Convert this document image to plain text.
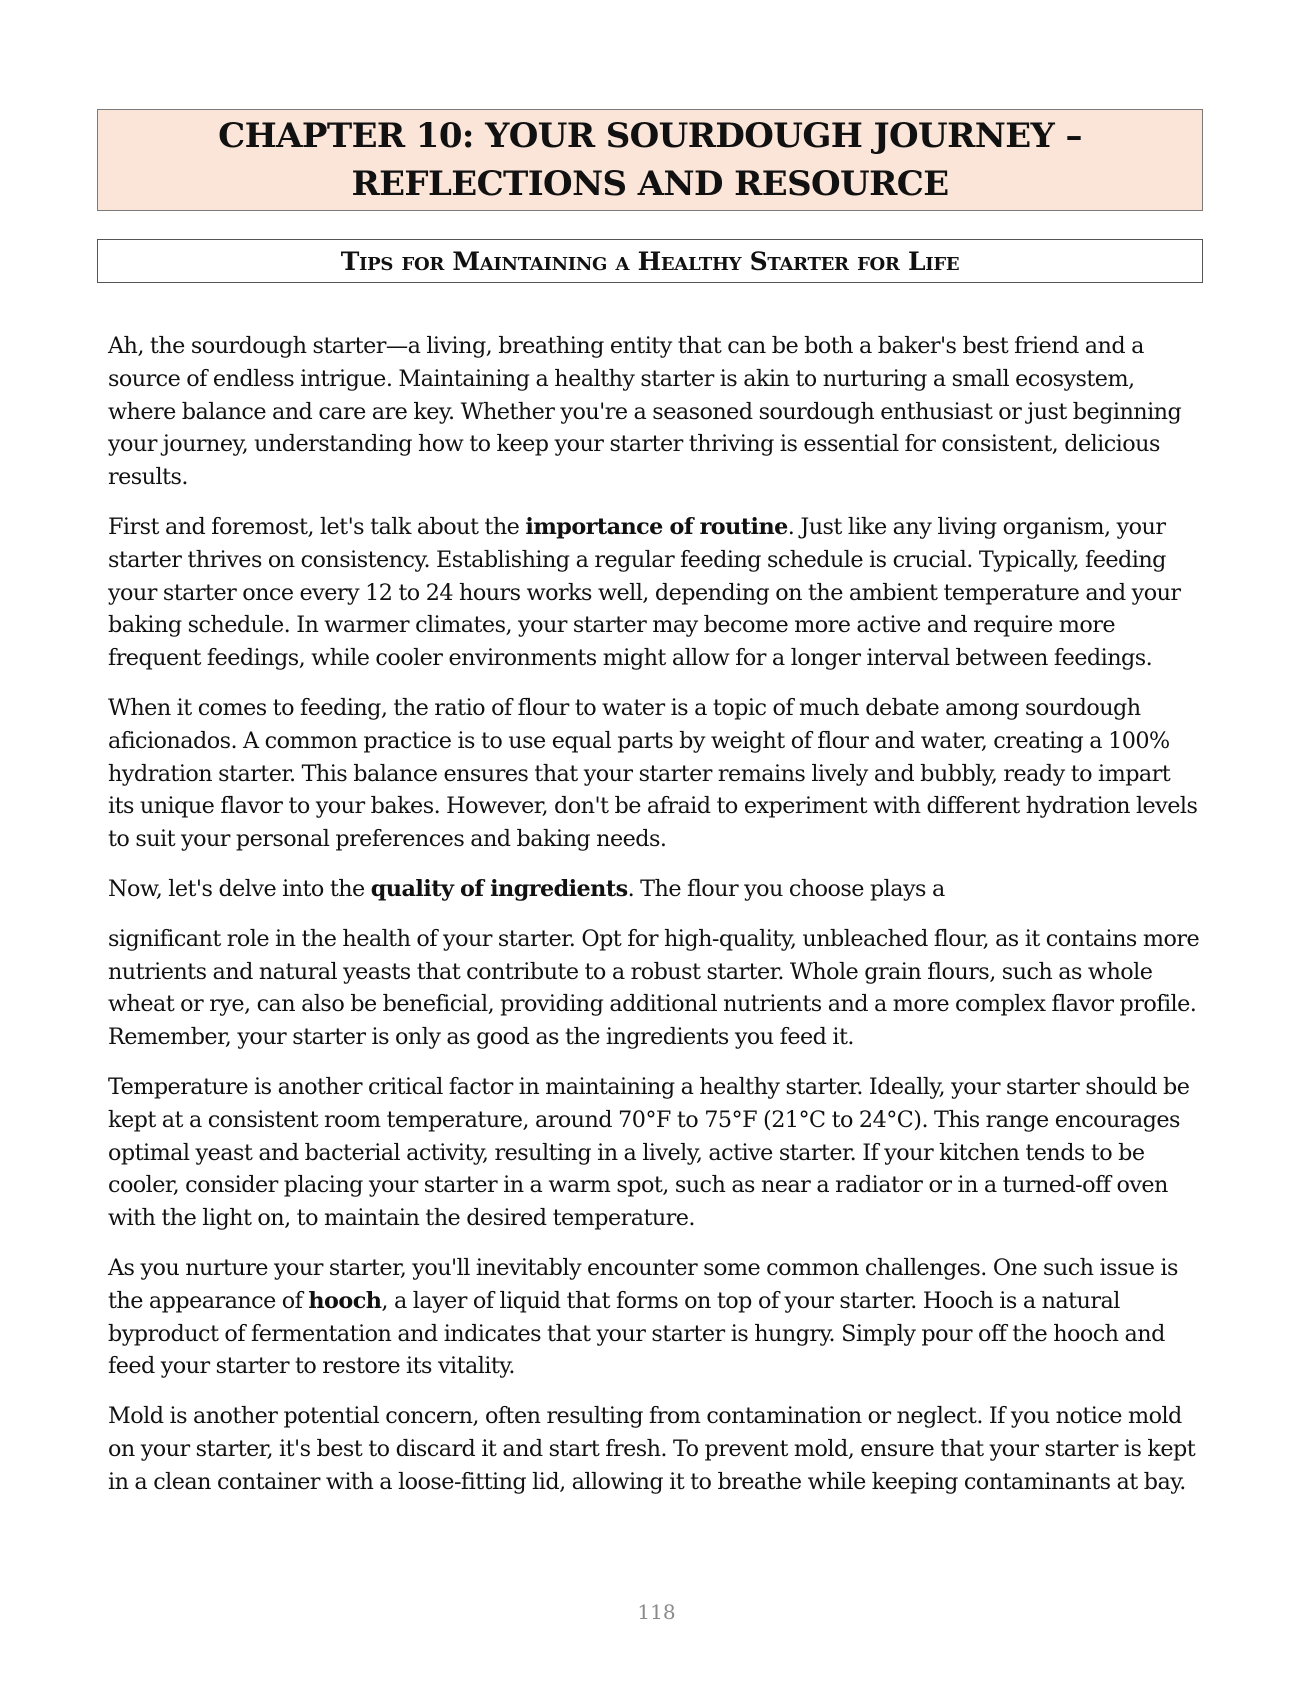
CHAPTER 10: YOUR SOURDOUGH JOURNEY –
REFLECTIONS AND RESOURCE
Tips for Maintaining a Healthy Starter for Life

Ah, the sourdough starter—a living, breathing entity that can be both a baker's best friend and a source of endless intrigue. Maintaining a healthy starter is akin to nurturing a small ecosystem, where balance and care are key. Whether you're a seasoned sourdough enthusiast or just beginning your journey, understanding how to keep your starter thriving is essential for consistent, delicious results.

First and foremost, let's talk about the importance of routine. Just like any living organism, your starter thrives on consistency. Establishing a regular feeding schedule is crucial. Typically, feeding your starter once every 12 to 24 hours works well, depending on the ambient temperature and your baking schedule. In warmer climates, your starter may become more active and require more frequent feedings, while cooler environments might allow for a longer interval between feedings.

When it comes to feeding, the ratio of flour to water is a topic of much debate among sourdough aficionados. A common practice is to use equal parts by weight of flour and water, creating a 100% hydration starter. This balance ensures that your starter remains lively and bubbly, ready to impart its unique flavor to your bakes. However, don't be afraid to experiment with different hydration levels to suit your personal preferences and baking needs.

Now, let's delve into the quality of ingredients. The flour you choose plays a

significant role in the health of your starter. Opt for high-quality, unbleached flour, as it contains more nutrients and natural yeasts that contribute to a robust starter. Whole grain flours, such as whole wheat or rye, can also be beneficial, providing additional nutrients and a more complex flavor profile. Remember, your starter is only as good as the ingredients you feed it.

Temperature is another critical factor in maintaining a healthy starter. Ideally, your starter should be kept at a consistent room temperature, around 70°F to 75°F (21°C to 24°C). This range encourages optimal yeast and bacterial activity, resulting in a lively, active starter. If your kitchen tends to be cooler, consider placing your starter in a warm spot, such as near a radiator or in a turned-off oven with the light on, to maintain the desired temperature.

As you nurture your starter, you'll inevitably encounter some common challenges. One such issue is the appearance of hooch, a layer of liquid that forms on top of your starter. Hooch is a natural byproduct of fermentation and indicates that your starter is hungry. Simply pour off the hooch and feed your starter to restore its vitality.

Mold is another potential concern, often resulting from contamination or neglect. If you notice mold on your starter, it's best to discard it and start fresh. To prevent mold, ensure that your starter is kept in a clean container with a loose-fitting lid, allowing it to breathe while keeping contaminants at bay.

118
